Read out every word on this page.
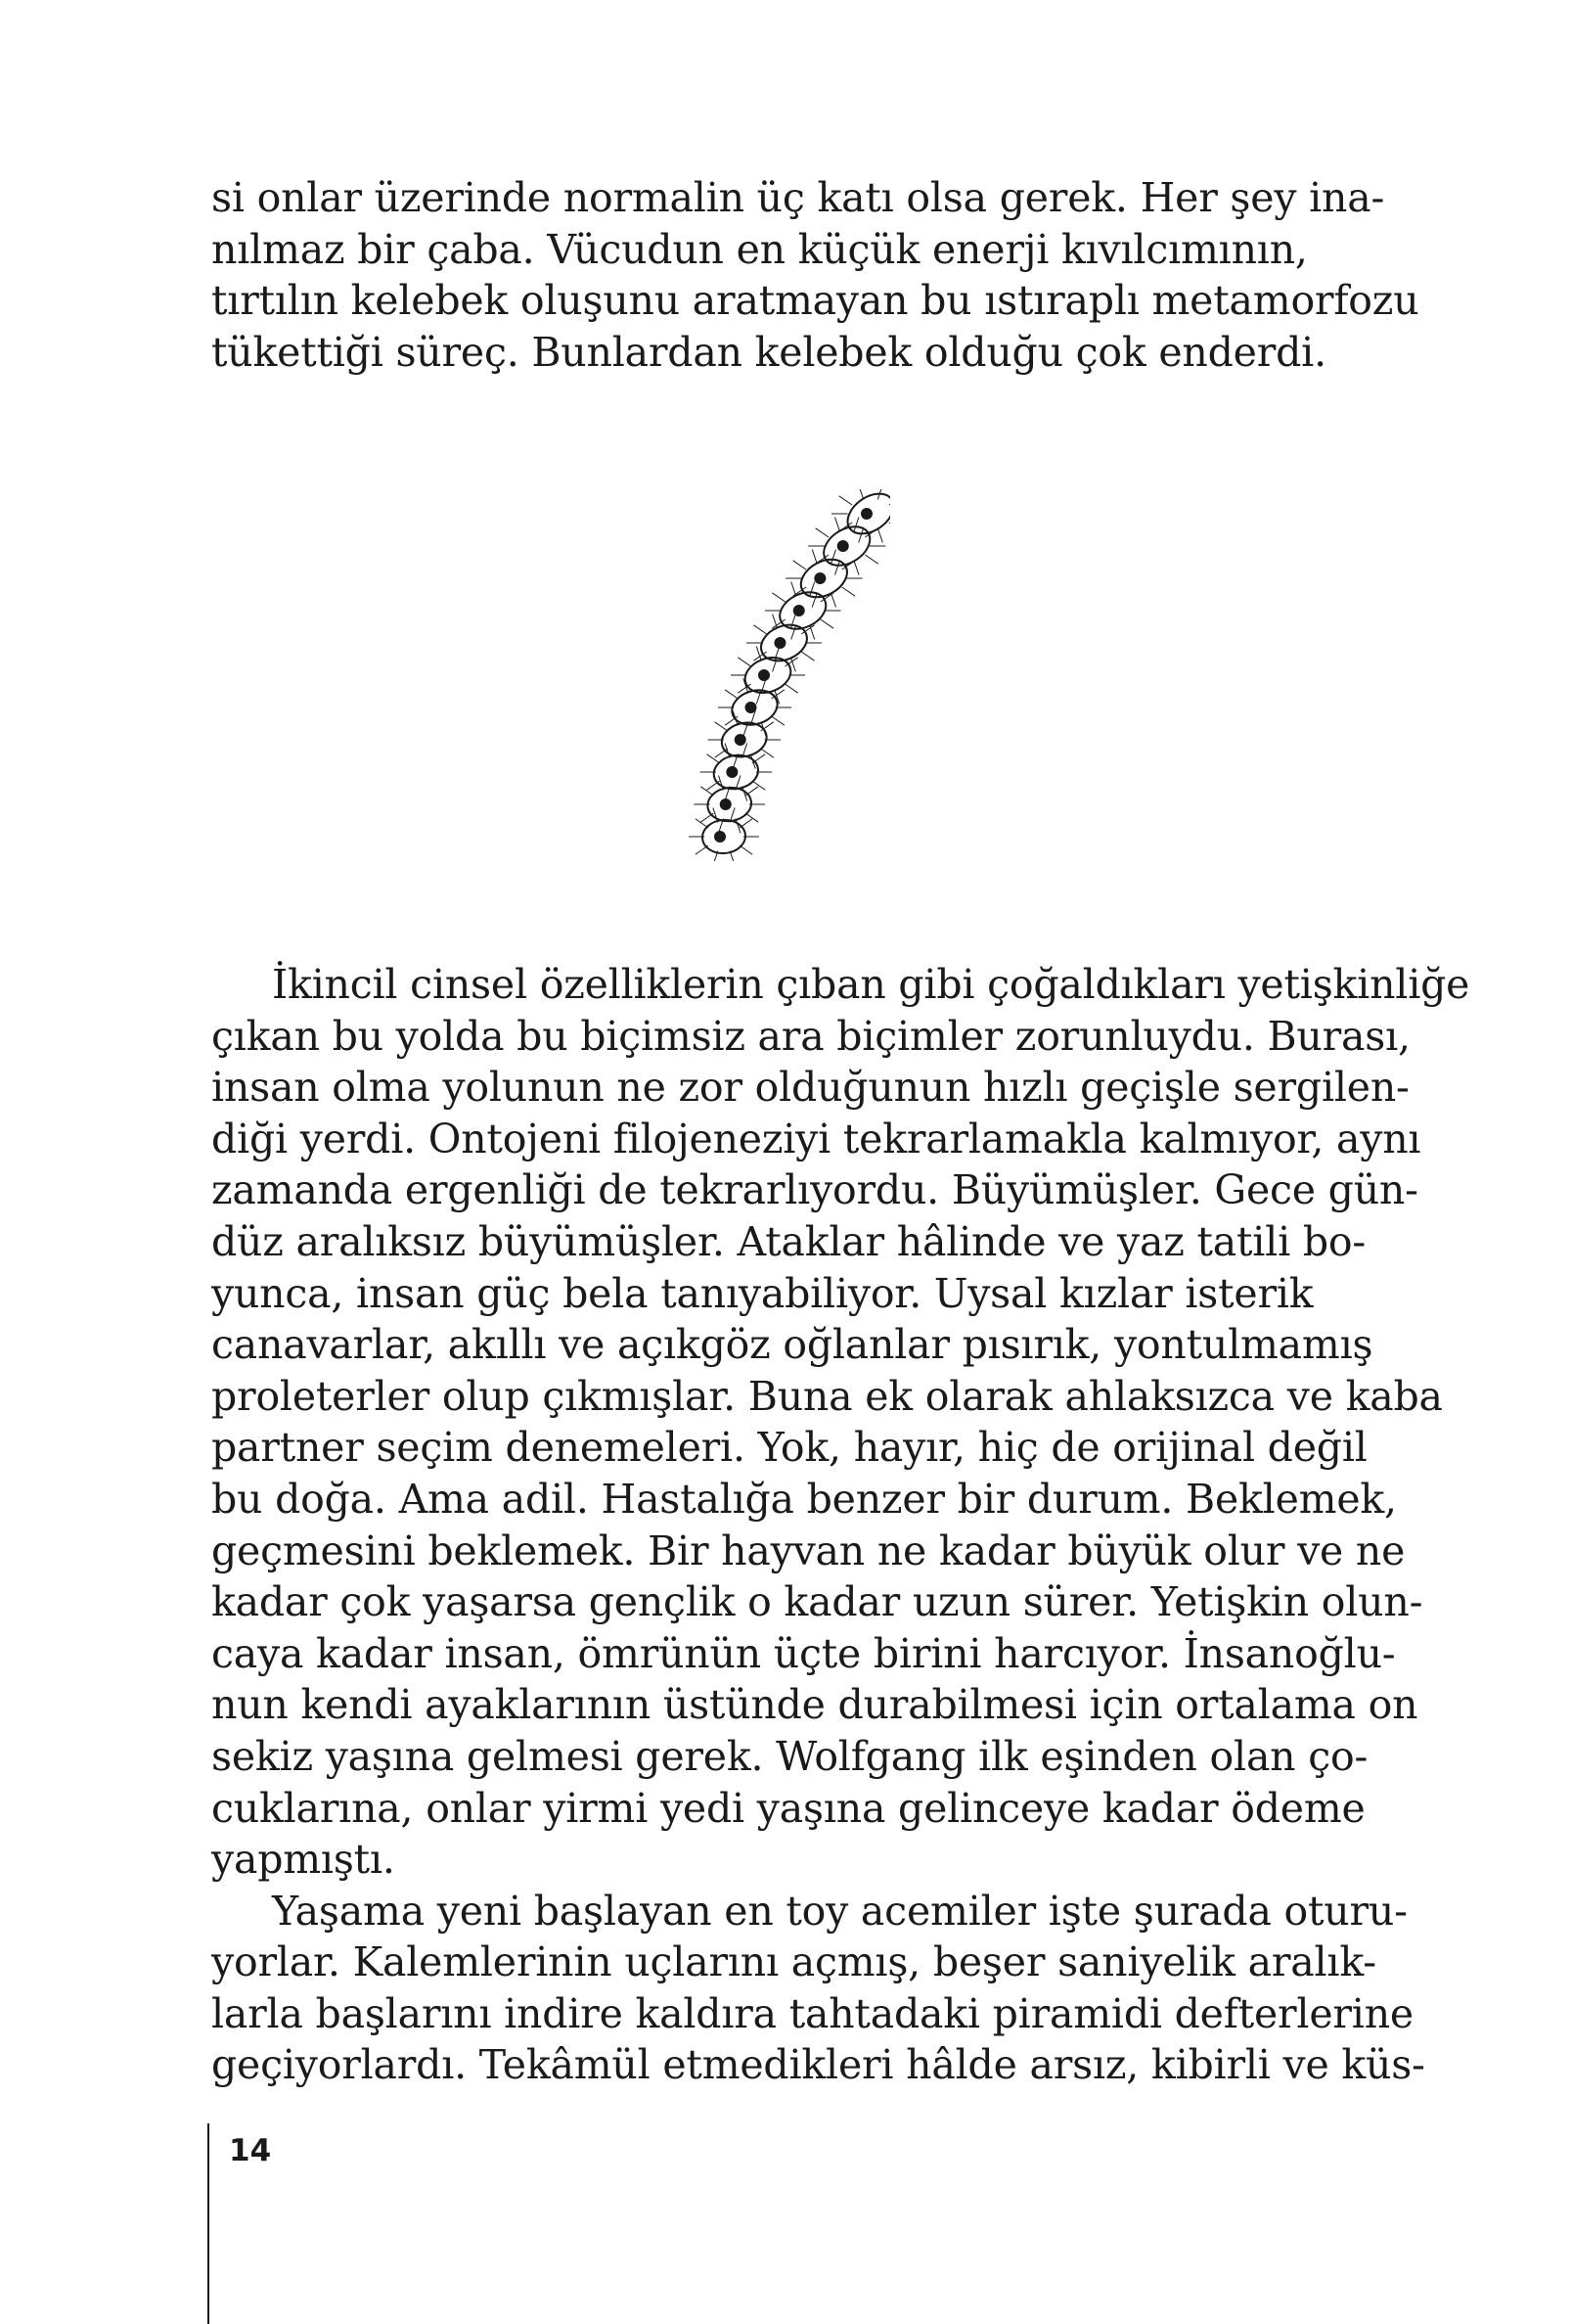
si onlar üzerinde normalin üç katı olsa gerek. Her şey ina-
nılmaz bir çaba. Vücudun en küçük enerji kıvılcımının,
tırtılın kelebek oluşunu aratmayan bu ıstıraplı metamorfozu
tükettiği süreç. Bunlardan kelebek olduğu çok enderdi.
İkincil cinsel özelliklerin çıban gibi çoğaldıkları yetişkinliğe
çıkan bu yolda bu biçimsiz ara biçimler zorunluydu. Burası,
insan olma yolunun ne zor olduğunun hızlı geçişle sergilen-
diği yerdi. Ontojeni filojeneziyi tekrarlamakla kalmıyor, aynı
zamanda ergenliği de tekrarlıyordu. Büyümüşler. Gece gün-
düz aralıksız büyümüşler. Ataklar hâlinde ve yaz tatili bo-
yunca, insan güç bela tanıyabiliyor. Uysal kızlar isterik
canavarlar, akıllı ve açıkgöz oğlanlar pısırık, yontulmamış
proleterler olup çıkmışlar. Buna ek olarak ahlaksızca ve kaba
partner seçim denemeleri. Yok, hayır, hiç de orijinal değil
bu doğa. Ama adil. Hastalığa benzer bir durum. Beklemek,
geçmesini beklemek. Bir hayvan ne kadar büyük olur ve ne
kadar çok yaşarsa gençlik o kadar uzun sürer. Yetişkin olun-
caya kadar insan, ömrünün üçte birini harcıyor. İnsanoğlu-
nun kendi ayaklarının üstünde durabilmesi için ortalama on
sekiz yaşına gelmesi gerek. Wolfgang ilk eşinden olan ço-
cuklarına, onlar yirmi yedi yaşına gelinceye kadar ödeme
yapmıştı.
Yaşama yeni başlayan en toy acemiler işte şurada oturu-
yorlar. Kalemlerinin uçlarını açmış, beşer saniyelik aralık-
larla başlarını indire kaldıra tahtadaki piramidi defterlerine
geçiyorlardı. Tekâmül etmedikleri hâlde arsız, kibirli ve küs-
14
